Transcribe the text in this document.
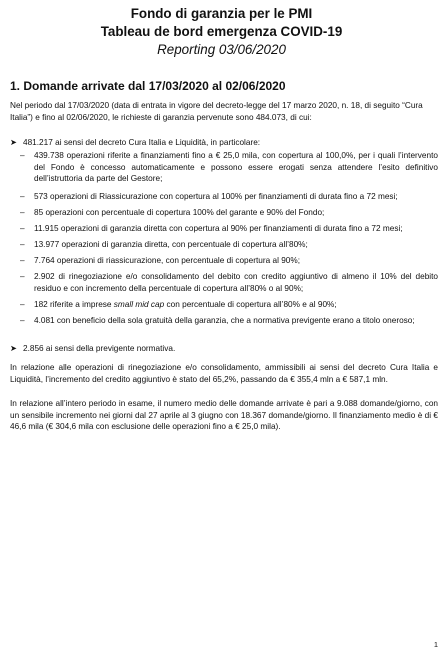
Fondo di garanzia per le PMI
Tableau de bord emergenza COVID-19
Reporting 03/06/2020
1. Domande arrivate dal 17/03/2020 al 02/06/2020
Nel periodo dal 17/03/2020 (data di entrata in vigore del decreto-legge del 17 marzo 2020, n. 18, di seguito “Cura Italia”) e fino al 02/06/2020, le richieste di garanzia pervenute sono 484.073, di cui:
➤ 481.217 ai sensi del decreto Cura Italia e Liquidità, in particolare:
– 439.738 operazioni riferite a finanziamenti fino a € 25,0 mila, con copertura al 100,0%, per i quali l’intervento del Fondo è concesso automaticamente e possono essere erogati senza attendere l’esito definitivo dell’istruttoria da parte del Gestore;
– 573 operazioni di Riassicurazione con copertura al 100% per finanziamenti di durata fino a 72 mesi;
– 85 operazioni con percentuale di copertura 100% del garante e 90% del Fondo;
– 11.915 operazioni di garanzia diretta con copertura al 90% per finanziamenti di durata fino a 72 mesi;
– 13.977 operazioni di garanzia diretta, con percentuale di copertura all’80%;
– 7.764 operazioni di riassicurazione, con percentuale di copertura al 90%;
– 2.902 di rinegoziazione e/o consolidamento del debito con credito aggiuntivo di almeno il 10% del debito residuo e con incremento della percentuale di copertura all’80% o al 90%;
– 182 riferite a imprese small mid cap con percentuale di copertura all’80% e al 90%;
– 4.081 con beneficio della sola gratuità della garanzia, che a normativa previgente erano a titolo oneroso;
➤ 2.856 ai sensi della previgente normativa.
In relazione alle operazioni di rinegoziazione e/o consolidamento, ammissibili ai sensi del decreto Cura Italia e Liquidità, l’incremento del credito aggiuntivo è stato del 65,2%, passando da € 355,4 mln a € 587,1 mln.
In relazione all’intero periodo in esame, il numero medio delle domande arrivate è pari a 9.088 domande/giorno, con un sensibile incremento nei giorni dal 27 aprile al 3 giugno con 18.367 domande/giorno. Il finanziamento medio è di € 46,6 mila (€ 304,6 mila con esclusione delle operazioni fino a € 25,0 mila).
1
